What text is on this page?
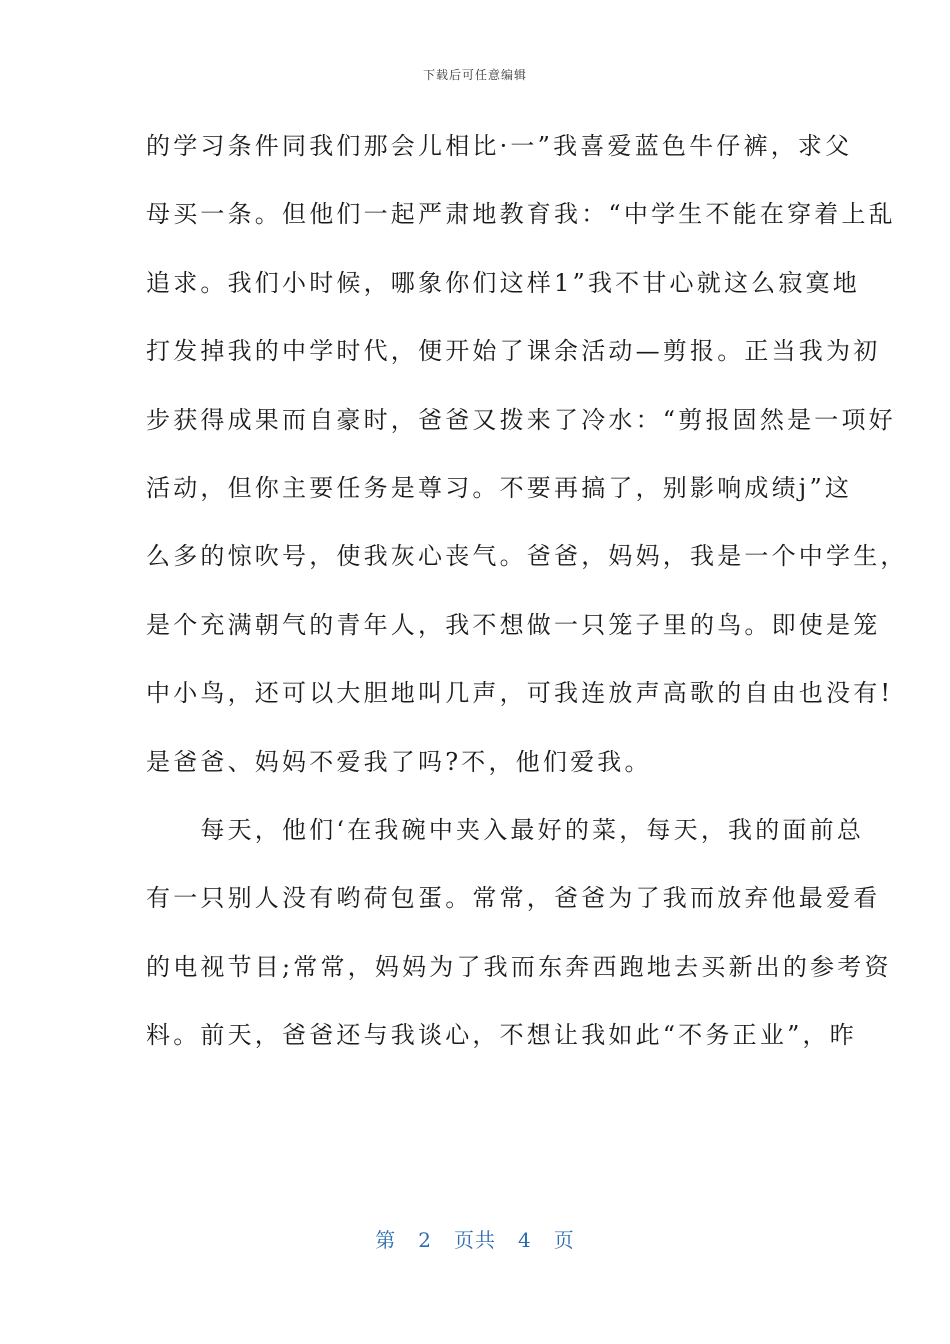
下载后可任意编辑
的学习条件同我们那会儿相比·一”我喜爱蓝色牛仔裤，求父
母买一条。但他们一起严肃地教育我：“中学生不能在穿着上乱
追求。我们小时候，哪象你们这样1”我不甘心就这么寂寞地
打发掉我的中学时代，便开始了课余活动—剪报。正当我为初
步获得成果而自豪时，爸爸又拨来了冷水：“剪报固然是一项好
活动，但你主要任务是尊习。不要再搞了，别影响成绩j”这
么多的惊吹号，使我灰心丧气。爸爸，妈妈，我是一个中学生，
是个充满朝气的青年人，我不想做一只笼子里的鸟。即使是笼
中小鸟，还可以大胆地叫几声，可我连放声高歌的自由也没有!
是爸爸、妈妈不爱我了吗?不，他们爱我。
　　每天，他们‘在我碗中夹入最好的菜，每天，我的面前总
有一只别人没有哟荷包蛋。常常，爸爸为了我而放弃他最爱看
的电视节目;常常，妈妈为了我而东奔西跑地去买新出的参考资
料。前天，爸爸还与我谈心，不想让我如此“不务正业”，昨
第 2 页共 4 页
